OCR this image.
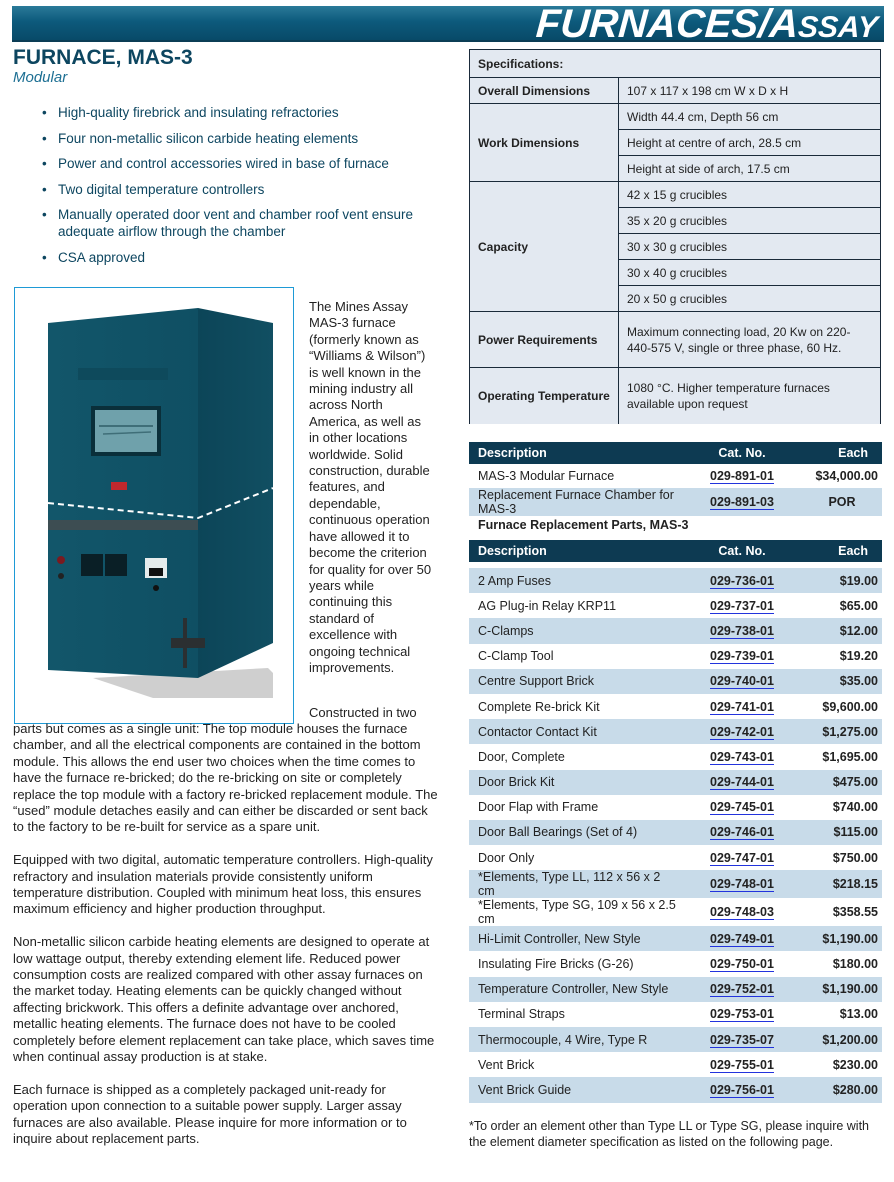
FURNACES/ASSAY
FURNACE, MAS-3
Modular
• High-quality firebrick and insulating refractories
• Four non-metallic silicon carbide heating elements
• Power and control accessories wired in base of furnace
• Two digital temperature controllers
• Manually operated door vent and chamber roof vent ensure adequate airflow through the chamber
• CSA approved
The Mines Assay MAS-3 furnace (formerly known as “Williams & Wilson”) is well known in the mining industry all across North America, as well as in other locations worldwide. Solid construction, durable features, and dependable, continuous operation have allowed it to become the criterion for quality for over 50 years while continuing this standard of excellence with ongoing technical improvements.

Constructed in two parts but comes as a single unit: The top module houses the furnace chamber, and all the electrical components are contained in the bottom module. This allows the end user two choices when the time comes to have the furnace re-bricked; do the re-bricking on site or completely replace the top module with a factory re-bricked replacement module. The “used” module detaches easily and can either be discarded or sent back to the factory to be re-built for service as a spare unit.

Equipped with two digital, automatic temperature controllers. High-quality refractory and insulation materials provide consistently uniform temperature distribution. Coupled with minimum heat loss, this ensures maximum efficiency and higher production throughput.

Non-metallic silicon carbide heating elements are designed to operate at low wattage output, thereby extending element life. Reduced power consumption costs are realized compared with other assay furnaces on the market today. Heating elements can be quickly changed without affecting brickwork. This offers a definite advantage over anchored, metallic heating elements. The furnace does not have to be cooled completely before element replacement can take place, which saves time when continual assay production is at stake.

Each furnace is shipped as a completely packaged unit-ready for operation upon connection to a suitable power supply. Larger assay furnaces are also available. Please inquire for more information or to inquire about replacement parts.

Specifications:	
Overall Dimensions	107 x 117 x 198 cm W x D x H
Work Dimensions	Width 44.4 cm, Depth 56 cm
	Height at centre of arch, 28.5 cm
	Height at side of arch, 17.5 cm
Capacity	42 x 15 g crucibles
	35 x 20 g crucibles
	30 x 30 g crucibles
	30 x 40 g crucibles
	20 x 50 g crucibles
Power Requirements	Maximum connecting load, 20 Kw on 220-440-575 V, single or three phase, 60 Hz.
Operating Temperature	1080 °C. Higher temperature furnaces available upon request
Description	Cat. No.	Each
MAS-3 Modular Furnace	029-891-01	$34,000.00
Replacement Furnace Chamber for MAS-3	029-891-03	POR
Furnace Replacement Parts, MAS-3
Description	Cat. No.	Each

2 Amp Fuses	029-736-01	$19.00
AG Plug-in Relay KRP11	029-737-01	$65.00
C-Clamps	029-738-01	$12.00
C-Clamp Tool	029-739-01	$19.20
Centre Support Brick	029-740-01	$35.00
Complete Re-brick Kit	029-741-01	$9,600.00
Contactor Contact Kit	029-742-01	$1,275.00
Door, Complete	029-743-01	$1,695.00
Door Brick Kit	029-744-01	$475.00
Door Flap with Frame	029-745-01	$740.00
Door Ball Bearings (Set of 4)	029-746-01	$115.00
Door Only	029-747-01	$750.00
*Elements, Type LL, 112 x 56 x 2 cm	029-748-01	$218.15
*Elements, Type SG, 109 x 56 x 2.5 cm	029-748-03	$358.55
Hi-Limit Controller, New Style	029-749-01	$1,190.00
Insulating Fire Bricks (G-26)	029-750-01	$180.00
Temperature Controller, New Style	029-752-01	$1,190.00
Terminal Straps	029-753-01	$13.00
Thermocouple, 4 Wire, Type R	029-735-07	$1,200.00
Vent Brick	029-755-01	$230.00
Vent Brick Guide	029-756-01	$280.00
*To order an element other than Type LL or Type SG, please inquire with the element diameter specification as listed on the following page.
